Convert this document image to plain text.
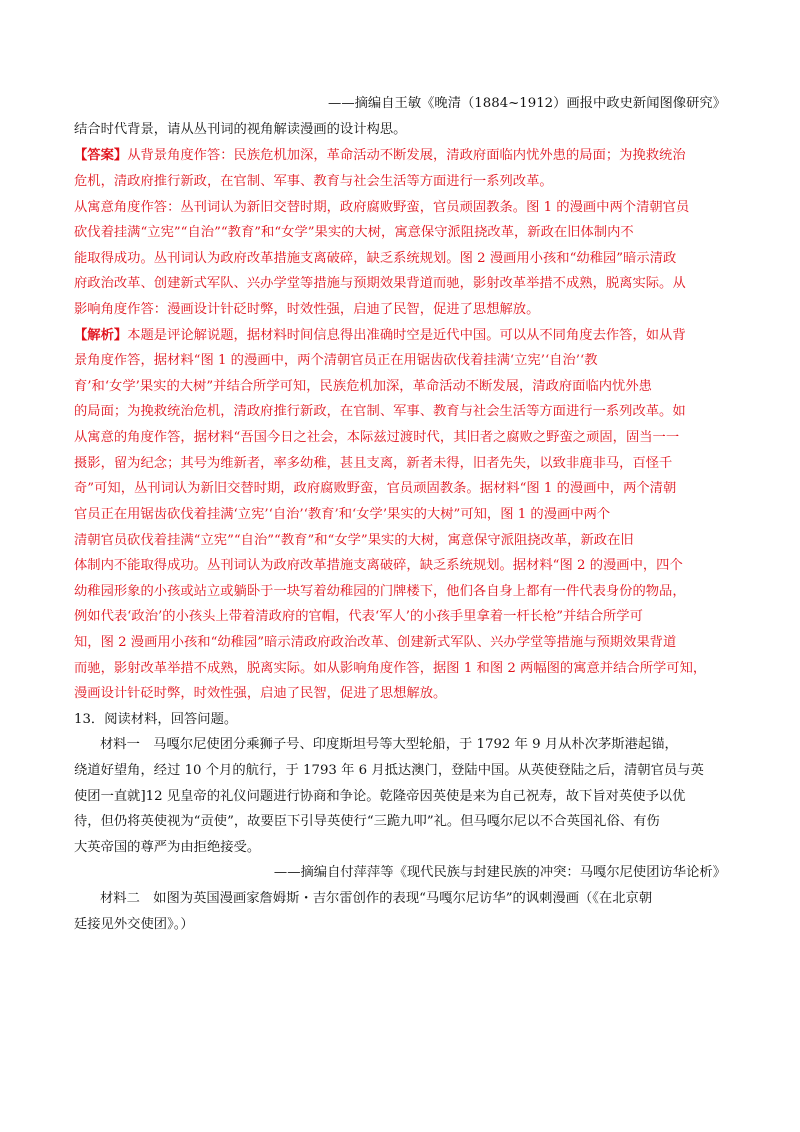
——摘编自王敏《晚清（1884~1912）画报中政史新闻图像研究》
结合时代背景，请从丛刊词的视角解读漫画的设计构思。
【答案】从背景角度作答：民族危机加深，革命活动不断发展，清政府面临内忧外患的局面；为挽救统治
危机，清政府推行新政，在官制、军事、教育与社会生活等方面进行一系列改革。
从寓意角度作答：丛刊词认为新旧交替时期，政府腐败野蛮，官员顽固教条。图 1 的漫画中两个清朝官员
砍伐着挂满“立宪”“自治”“教育”和“女学”果实的大树，寓意保守派阻挠改革，新政在旧体制内不
能取得成功。丛刊词认为政府改革措施支离破碎，缺乏系统规划。图 2 漫画用小孩和“幼稚园”暗示清政
府政治改革、创建新式军队、兴办学堂等措施与预期效果背道而驰，影射改革举措不成熟，脱离实际。从
影响角度作答：漫画设计针砭时弊，时效性强，启迪了民智，促进了思想解放。
【解析】本题是评论解说题，据材料时间信息得出准确时空是近代中国。可以从不同角度去作答，如从背
景角度作答，据材料“图 1 的漫画中，两个清朝官员正在用锯齿砍伐着挂满‘立宪’‘自治’‘教
育’和‘女学’果实的大树”并结合所学可知，民族危机加深，革命活动不断发展，清政府面临内忧外患
的局面；为挽救统治危机，清政府推行新政，在官制、军事、教育与社会生活等方面进行一系列改革。如
从寓意的角度作答，据材料“吾国今日之社会，本际兹过渡时代，其旧者之腐败之野蛮之顽固，固当一一
摄影，留为纪念；其号为维新者，率多幼稚，甚且支离，新者未得，旧者先失，以致非鹿非马，百怪千
奇”可知，丛刊词认为新旧交替时期，政府腐败野蛮，官员顽固教条。据材料“图 1 的漫画中，两个清朝
官员正在用锯齿砍伐着挂满‘立宪’‘自治’‘教育’和‘女学’果实的大树”可知，图 1 的漫画中两个
清朝官员砍伐着挂满“立宪”“自治”“教育”和“女学”果实的大树，寓意保守派阻挠改革，新政在旧
体制内不能取得成功。丛刊词认为政府改革措施支离破碎，缺乏系统规划。据材料“图 2 的漫画中，四个
幼稚园形象的小孩或站立或躺卧于一块写着幼稚园的门牌楼下，他们各自身上都有一件代表身份的物品，
例如代表‘政治’的小孩头上带着清政府的官帽，代表‘军人’的小孩手里拿着一杆长枪”并结合所学可
知，图 2 漫画用小孩和“幼稚园”暗示清政府政治改革、创建新式军队、兴办学堂等措施与预期效果背道
而驰，影射改革举措不成熟，脱离实际。如从影响角度作答，据图 1 和图 2 两幅图的寓意并结合所学可知，
漫画设计针砭时弊，时效性强，启迪了民智，促进了思想解放。
13．阅读材料，回答问题。
材料一　马嘎尔尼使团分乘狮子号、印度斯坦号等大型轮船，于 1792 年 9 月从朴次茅斯港起锚，
绕道好望角，经过 10 个月的航行，于 1793 年 6 月抵达澳门，登陆中国。从英使登陆之后，清朝官员与英
使团一直就]12 见皇帝的礼仪问题进行协商和争论。乾隆帝因英使是来为自己祝寿，故下旨对英使予以优
待，但仍将英使视为“贡使”，故要臣下引导英使行“三跪九叩”礼。但马嘎尔尼以不合英国礼俗、有伤
大英帝国的尊严为由拒绝接受。
——摘编自付萍萍等《现代民族与封建民族的冲突：马嘎尔尼使团访华论析》
材料二　如图为英国漫画家詹姆斯・吉尔雷创作的表现“马嘎尔尼访华”的讽刺漫画（《在北京朝
廷接见外交使团》。）
